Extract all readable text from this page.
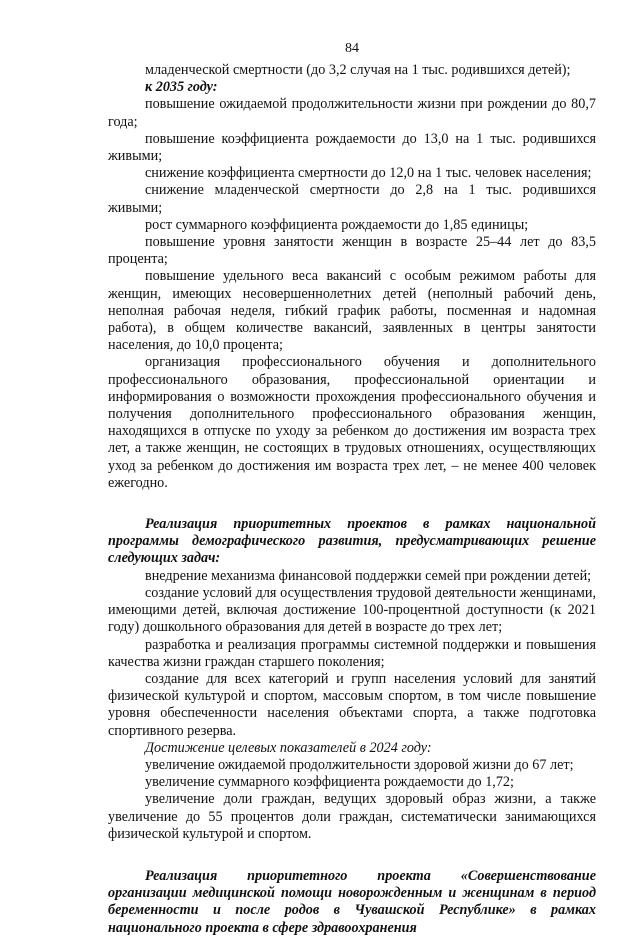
84

младенческой смертности (до 3,2 случая на 1 тыс. родившихся детей);

к 2035 году:

повышение ожидаемой продолжительности жизни при рождении до 80,7 года;

повышение коэффициента рождаемости до 13,0 на 1 тыс. родившихся живыми;

снижение коэффициента смертности до 12,0 на 1 тыс. человек населения;

снижение младенческой смертности до 2,8 на 1 тыс. родившихся живыми;

рост суммарного коэффициента рождаемости до 1,85 единицы;

повышение уровня занятости женщин в возрасте 25–44 лет до 83,5 процента;

повышение удельного веса вакансий с особым режимом работы для женщин, имеющих несовершеннолетних детей (неполный рабочий день, неполная рабочая неделя, гибкий график работы, посменная и надомная работа), в общем количестве вакансий, заявленных в центры занятости населения, до 10,0 процента;

организация профессионального обучения и дополнительного профессионального образования, профессиональной ориентации и информирования о возможности прохождения профессионального обучения и получения дополнительного профессионального образования женщин, находящихся в отпуске по уходу за ребенком до достижения им возраста трех лет, а также женщин, не состоящих в трудовых отношениях, осуществляющих уход за ребенком до достижения им возраста трех лет, – не менее 400 человек ежегодно.

Реализация приоритетных проектов в рамках национальной программы демографического развития, предусматривающих решение следующих задач:

внедрение механизма финансовой поддержки семей при рождении детей;

создание условий для осуществления трудовой деятельности женщинами, имеющими детей, включая достижение 100-процентной доступности (к 2021 году) дошкольного образования для детей в возрасте до трех лет;

разработка и реализация программы системной поддержки и повышения качества жизни граждан старшего поколения;

создание для всех категорий и групп населения условий для занятий физической культурой и спортом, массовым спортом, в том числе повышение уровня обеспеченности населения объектами спорта, а также подготовка спортивного резерва.

Достижение целевых показателей в 2024 году:

увеличение ожидаемой продолжительности здоровой жизни до 67 лет;

увеличение суммарного коэффициента рождаемости до 1,72;

увеличение доли граждан, ведущих здоровый образ жизни, а также увеличение до 55 процентов доли граждан, систематически занимающихся физической культурой и спортом.

Реализация приоритетного проекта «Совершенствование организации медицинской помощи новорожденным и женщинам в период беременности и после родов в Чувашской Республике» в рамках национального проекта в сфере здравоохранения
